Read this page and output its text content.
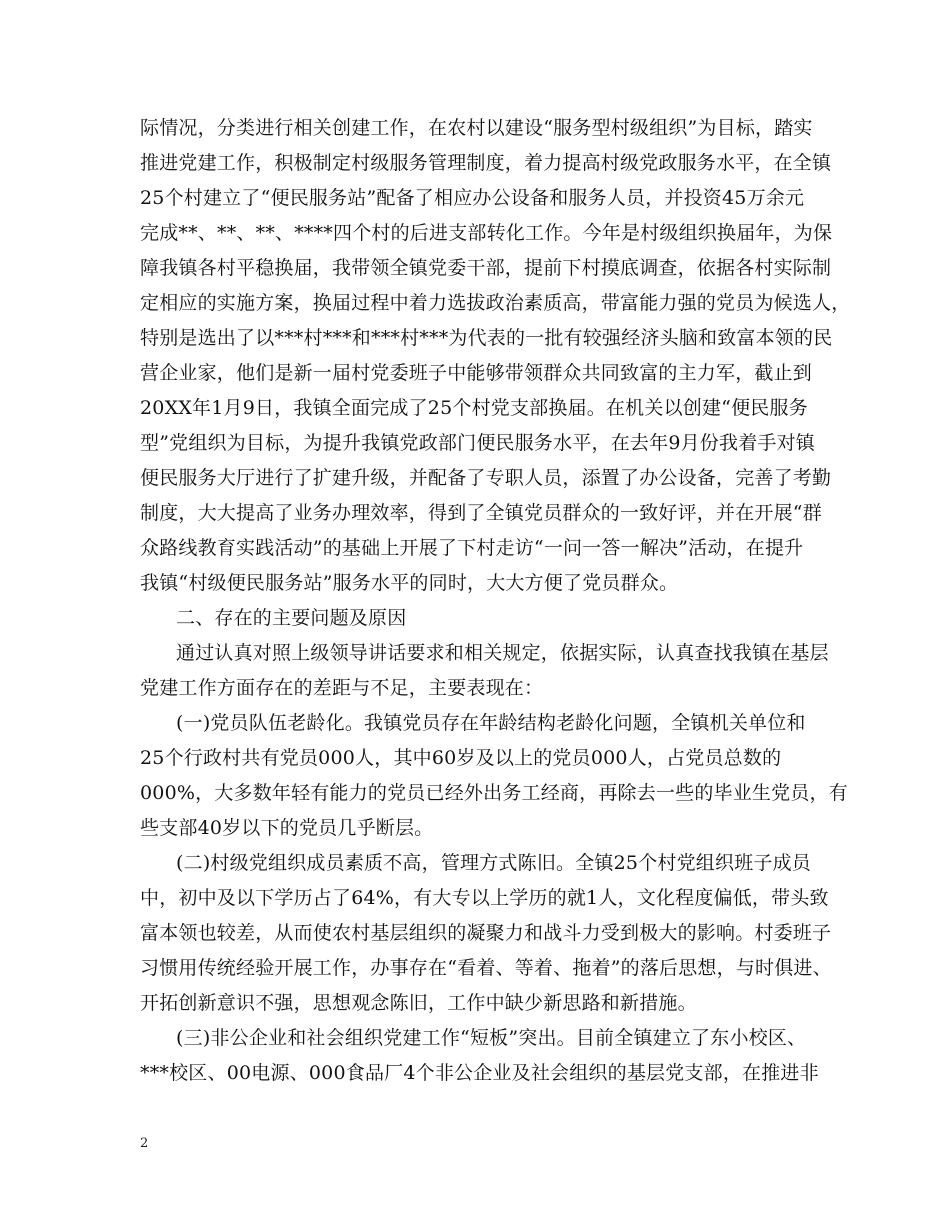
际情况，分类进行相关创建工作，在农村以建设“服务型村级组织”为目标，踏实
推进党建工作，积极制定村级服务管理制度，着力提高村级党政服务水平，在全镇
25个村建立了“便民服务站”配备了相应办公设备和服务人员，并投资45万余元
完成**、**、**、****四个村的后进支部转化工作。今年是村级组织换届年，为保
障我镇各村平稳换届，我带领全镇党委干部，提前下村摸底调查，依据各村实际制
定相应的实施方案，换届过程中着力选拔政治素质高，带富能力强的党员为候选人，
特别是选出了以***村***和***村***为代表的一批有较强经济头脑和致富本领的民
营企业家，他们是新一届村党委班子中能够带领群众共同致富的主力军，截止到
20XX年1月9日，我镇全面完成了25个村党支部换届。在机关以创建“便民服务
型”党组织为目标，为提升我镇党政部门便民服务水平，在去年9月份我着手对镇
便民服务大厅进行了扩建升级，并配备了专职人员，添置了办公设备，完善了考勤
制度，大大提高了业务办理效率，得到了全镇党员群众的一致好评，并在开展“群
众路线教育实践活动”的基础上开展了下村走访“一问一答一解决”活动，在提升
我镇“村级便民服务站”服务水平的同时，大大方便了党员群众。
二、存在的主要问题及原因
通过认真对照上级领导讲话要求和相关规定，依据实际，认真查找我镇在基层
党建工作方面存在的差距与不足，主要表现在：
(一)党员队伍老龄化。我镇党员存在年龄结构老龄化问题，全镇机关单位和
25个行政村共有党员000人，其中60岁及以上的党员000人，占党员总数的
000%，大多数年轻有能力的党员已经外出务工经商，再除去一些的毕业生党员，有
些支部40岁以下的党员几乎断层。
(二)村级党组织成员素质不高，管理方式陈旧。全镇25个村党组织班子成员
中，初中及以下学历占了64%，有大专以上学历的就1人，文化程度偏低，带头致
富本领也较差，从而使农村基层组织的凝聚力和战斗力受到极大的影响。村委班子
习惯用传统经验开展工作，办事存在“看着、等着、拖着”的落后思想，与时俱进、
开拓创新意识不强，思想观念陈旧，工作中缺少新思路和新措施。
(三)非公企业和社会组织党建工作“短板”突出。目前全镇建立了东小校区、
***校区、00电源、000食品厂4个非公企业及社会组织的基层党支部，在推进非
2
